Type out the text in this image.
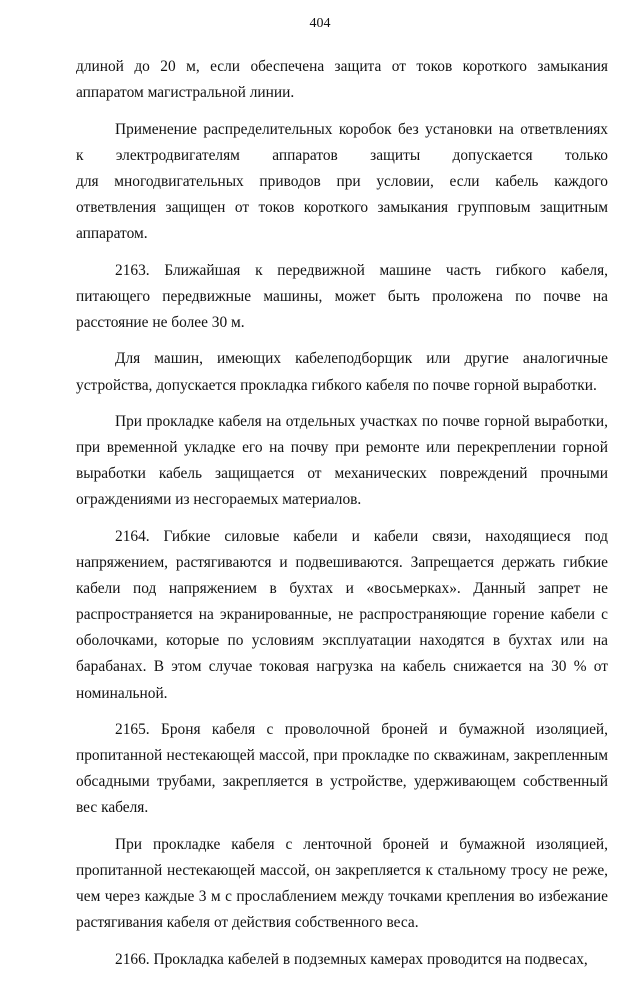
404

длиной до 20 м, если обеспечена защита от токов короткого замыкания аппаратом магистральной линии.

Применение распределительных коробок без установки на ответвлениях
к электродвигателям аппаратов защиты допускается только

для многодвигательных приводов при условии, если кабель каждого ответвления защищен от токов короткого замыкания групповым защитным аппаратом.

2163. Ближайшая к передвижной машине часть гибкого кабеля, питающего передвижные машины, может быть проложена по почве на расстояние не более 30 м.

Для машин, имеющих кабелеподборщик или другие аналогичные устройства, допускается прокладка гибкого кабеля по почве горной выработки.

При прокладке кабеля на отдельных участках по почве горной выработки, при временной укладке его на почву при ремонте или перекреплении горной выработки кабель защищается от механических повреждений прочными ограждениями из несгораемых материалов.

2164. Гибкие силовые кабели и кабели связи, находящиеся под напряжением, растягиваются и подвешиваются. Запрещается держать гибкие кабели под напряжением в бухтах и «восьмерках». Данный запрет не распространяется на экранированные, не распространяющие горение кабели с оболочками, которые по условиям эксплуатации находятся в бухтах или на барабанах. В этом случае токовая нагрузка на кабель снижается на 30 % от номинальной.

2165. Броня кабеля с проволочной броней и бумажной изоляцией, пропитанной нестекающей массой, при прокладке по скважинам, закрепленным обсадными трубами, закрепляется в устройстве, удерживающем собственный вес кабеля.

При прокладке кабеля с ленточной броней и бумажной изоляцией, пропитанной нестекающей массой, он закрепляется к стальному тросу не реже, чем через каждые 3 м с прослаблением между точками крепления во избежание растягивания кабеля от действия собственного веса.

2166. Прокладка кабелей в подземных камерах проводится на подвесах,
